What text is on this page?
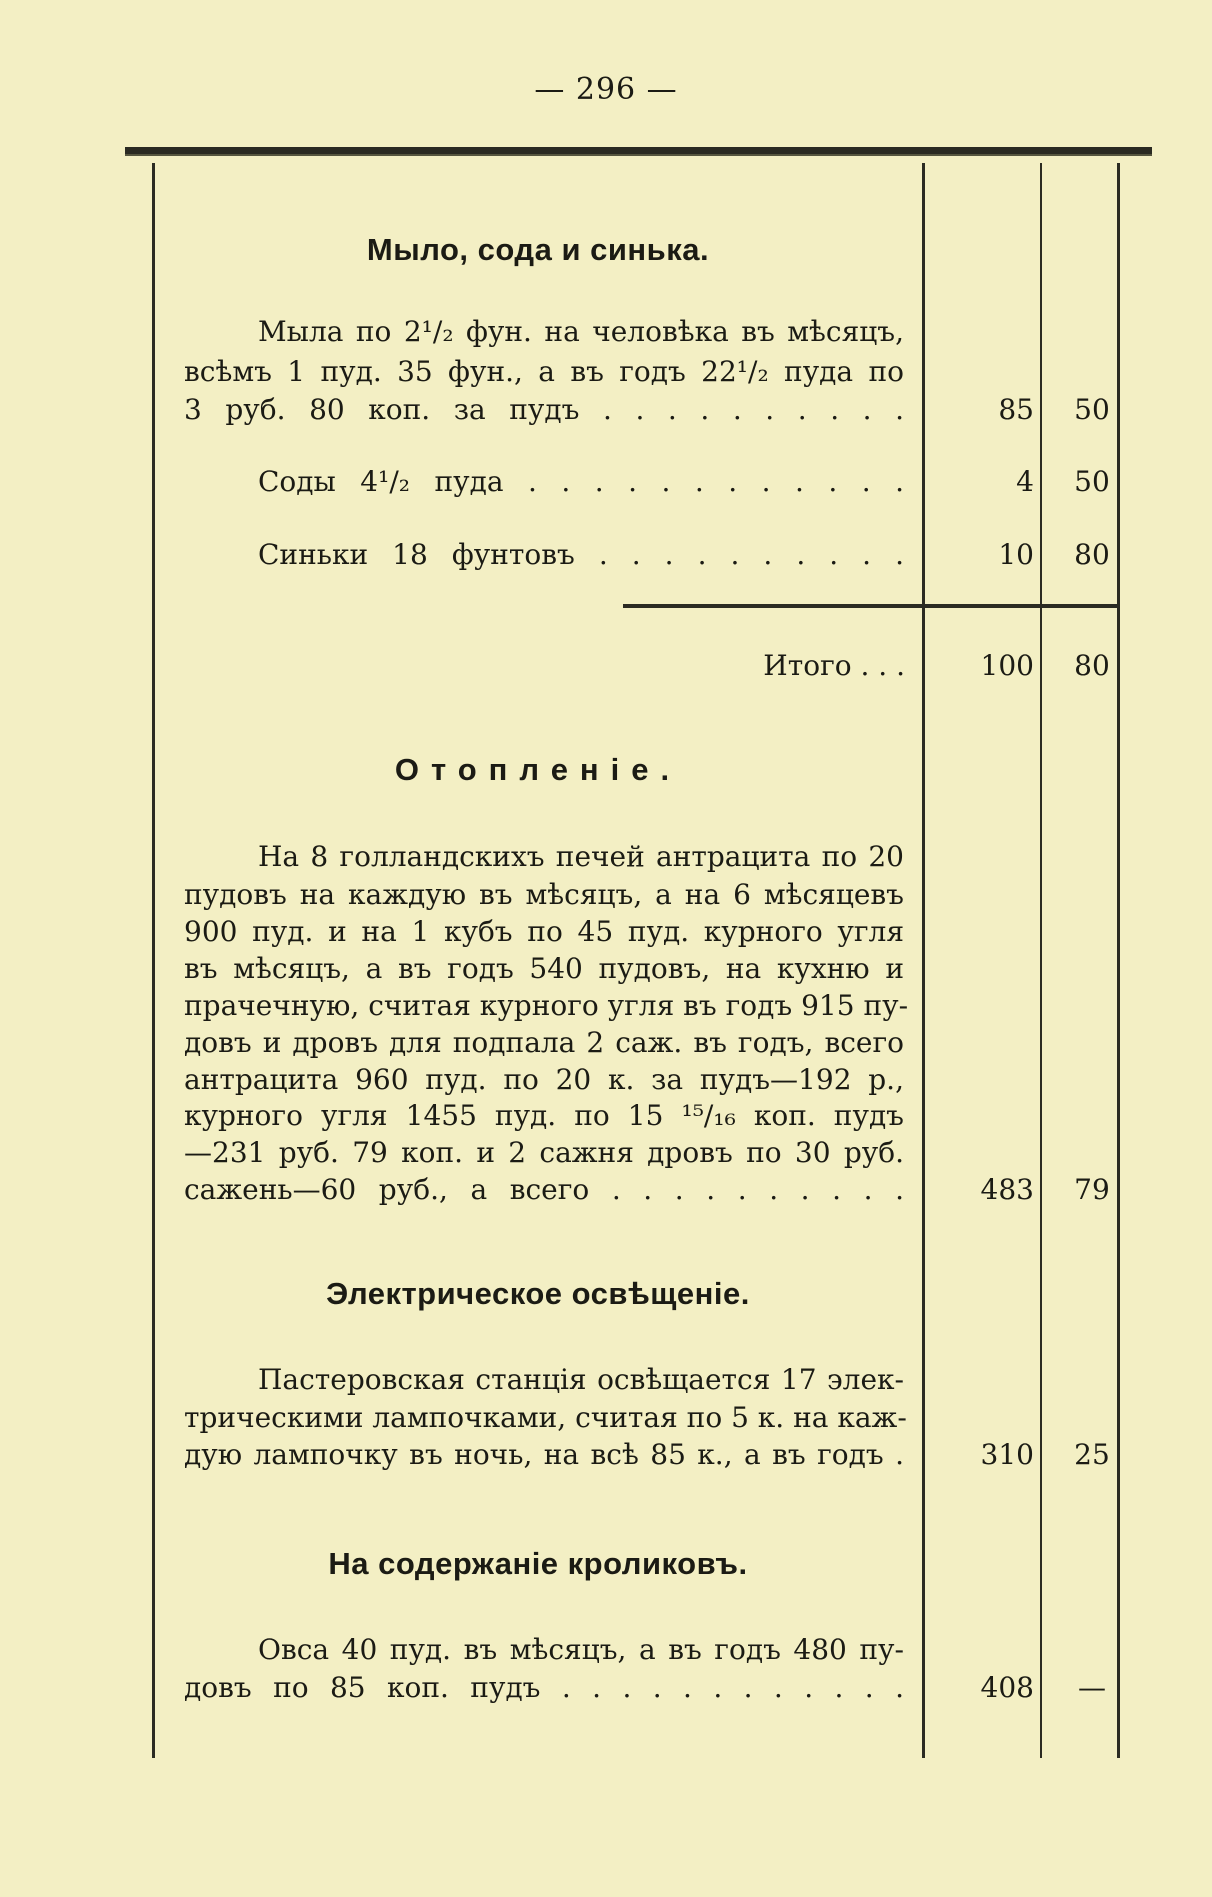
— 296 —
Мыло, сода и синька.
Мыла по 2¹/₂ фун. на человѣка въ мѣсяцъ,
всѣмъ 1 пуд. 35 фун., а въ годъ 22¹/₂ пуда по
3 руб. 80 коп. за пудъ . . . . . . . . . .	85	50
Соды 4¹/₂ пуда . . . . . . . . . . . .	4	50
Синьки 18 фунтовъ . . . . . . . . . .	10	80
Итого . . .	100	80
Отопленіе.
На 8 голландскихъ печей антрацита по 20
пудовъ на каждую въ мѣсяцъ, а на 6 мѣсяцевъ
900 пуд. и на 1 кубъ по 45 пуд. курного угля
въ мѣсяцъ, а въ годъ 540 пудовъ, на кухню и
прачечную, считая курного угля въ годъ 915 пу-
довъ и дровъ для подпала 2 саж. въ годъ, всего
антрацита 960 пуд. по 20 к. за пудъ—192 р.,
курного угля 1455 пуд. по 15 ¹⁵/₁₆ коп. пудъ
—231 руб. 79 коп. и 2 сажня дровъ по 30 руб.
сажень—60 руб., а всего . . . . . . . . . .	483	79
Электрическое освѣщеніе.
Пастеровская станція освѣщается 17 элек-
трическими лампочками, считая по 5 к. на каж-
дую лампочку въ ночь, на всѣ 85 к., а въ годъ .	310	25
На содержаніе кроликовъ.
Овса 40 пуд. въ мѣсяцъ, а въ годъ 480 пу-
довъ по 85 коп. пудъ . . . . . . . . . . . .	408	—
